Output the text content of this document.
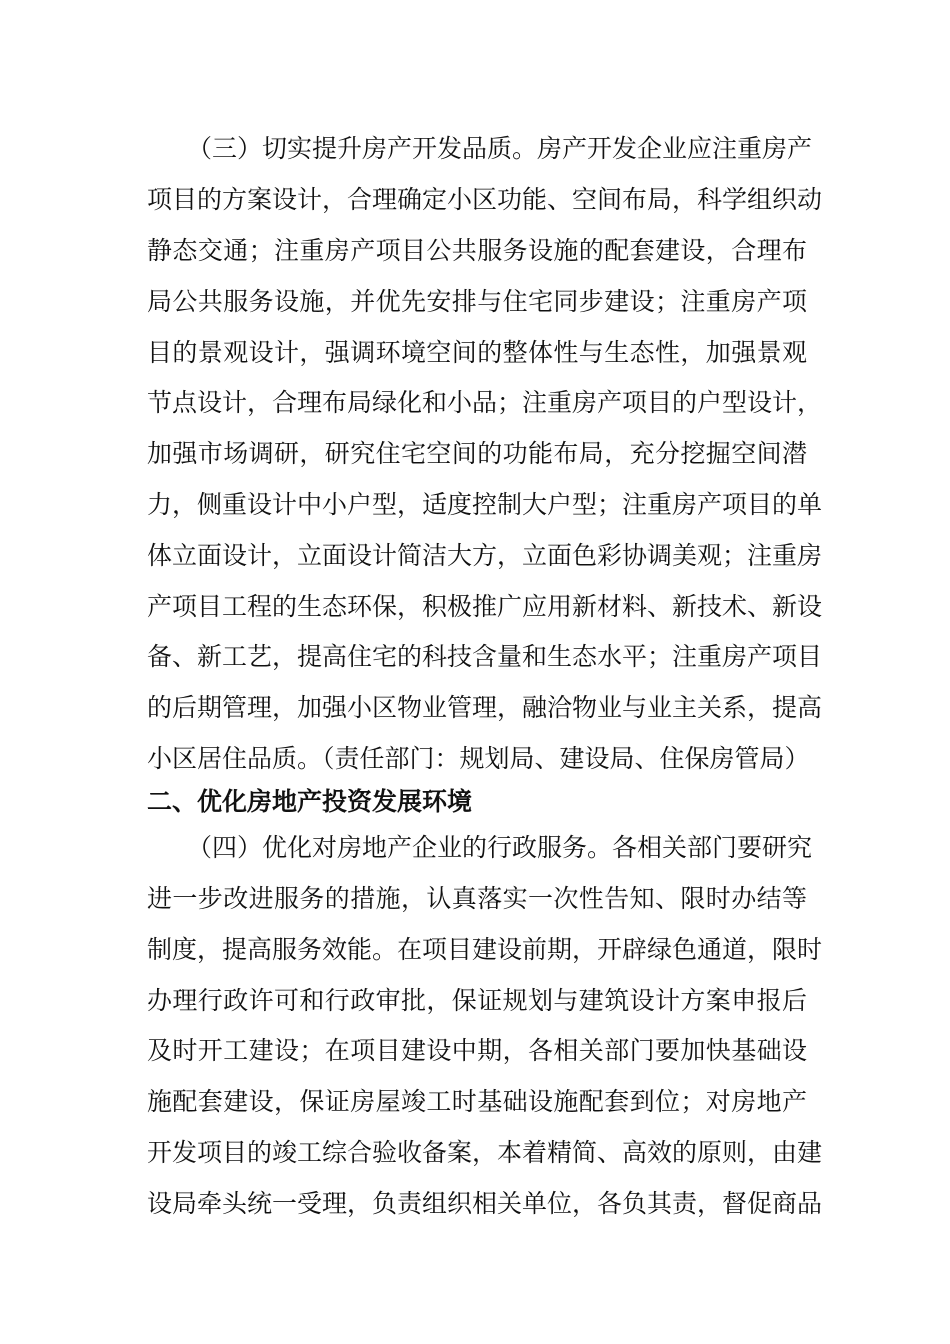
（三）切实提升房产开发品质。房产开发企业应注重房产
项目的方案设计，合理确定小区功能、空间布局，科学组织动
静态交通；注重房产项目公共服务设施的配套建设，合理布
局公共服务设施，并优先安排与住宅同步建设；注重房产项
目的景观设计，强调环境空间的整体性与生态性，加强景观
节点设计，合理布局绿化和小品；注重房产项目的户型设计，
加强市场调研，研究住宅空间的功能布局，充分挖掘空间潜
力，侧重设计中小户型，适度控制大户型；注重房产项目的单
体立面设计，立面设计简洁大方，立面色彩协调美观；注重房
产项目工程的生态环保，积极推广应用新材料、新技术、新设
备、新工艺，提高住宅的科技含量和生态水平；注重房产项目
的后期管理，加强小区物业管理，融洽物业与业主关系，提高
小区居住品质。（责任部门：规划局、建设局、住保房管局）
二、优化房地产投资发展环境
（四）优化对房地产企业的行政服务。各相关部门要研究
进一步改进服务的措施，认真落实一次性告知、限时办结等
制度，提高服务效能。在项目建设前期，开辟绿色通道，限时
办理行政许可和行政审批，保证规划与建筑设计方案申报后
及时开工建设；在项目建设中期，各相关部门要加快基础设
施配套建设，保证房屋竣工时基础设施配套到位；对房地产
开发项目的竣工综合验收备案，本着精简、高效的原则，由建
设局牵头统一受理，负责组织相关单位，各负其责，督促商品
